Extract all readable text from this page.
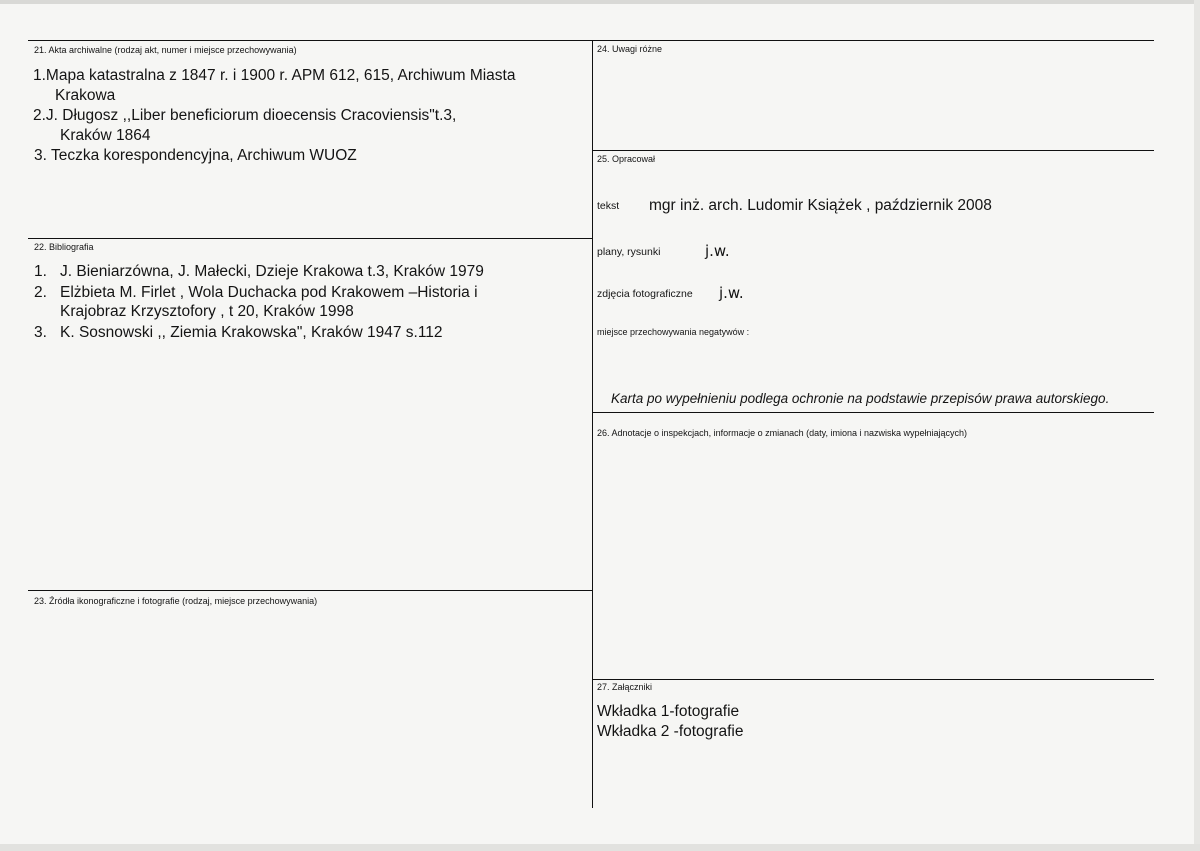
21. Akta archiwalne (rodzaj akt, numer i miejsce przechowywania)
1.Mapa katastralna z 1847 r. i 1900 r. APM 612, 615, Archiwum Miasta
Krakowa
2.J. Długosz ,,Liber beneficiorum dioecensis Cracoviensis"t.3,
Kraków 1864
3. Teczka korespondencyjna, Archiwum WUOZ
22. Bibliografia
1. J. Bieniarzówna, J. Małecki, Dzieje Krakowa t.3, Kraków 1979
2. Elżbieta M. Firlet , Wola Duchacka pod Krakowem –Historia i
Krajobraz Krzysztofory , t 20, Kraków 1998
3. K. Sosnowski ,, Ziemia Krakowska", Kraków 1947 s.112
23. Źródła ikonograficzne i fotografie (rodzaj, miejsce przechowywania)
24. Uwagi różne
25. Opracował
tekst mgr inż. arch. Ludomir Książek , październik 2008
plany, rysunki	j.w.
zdjęcia fotograficzne j.w.
miejsce przechowywania negatywów :
Karta po wypełnieniu podlega ochronie na podstawie przepisów prawa autorskiego.
26. Adnotacje o inspekcjach, informacje o zmianach (daty, imiona i nazwiska wypełniających)
27. Załączniki
Wkładka 1-fotografie
Wkładka 2 -fotografie
